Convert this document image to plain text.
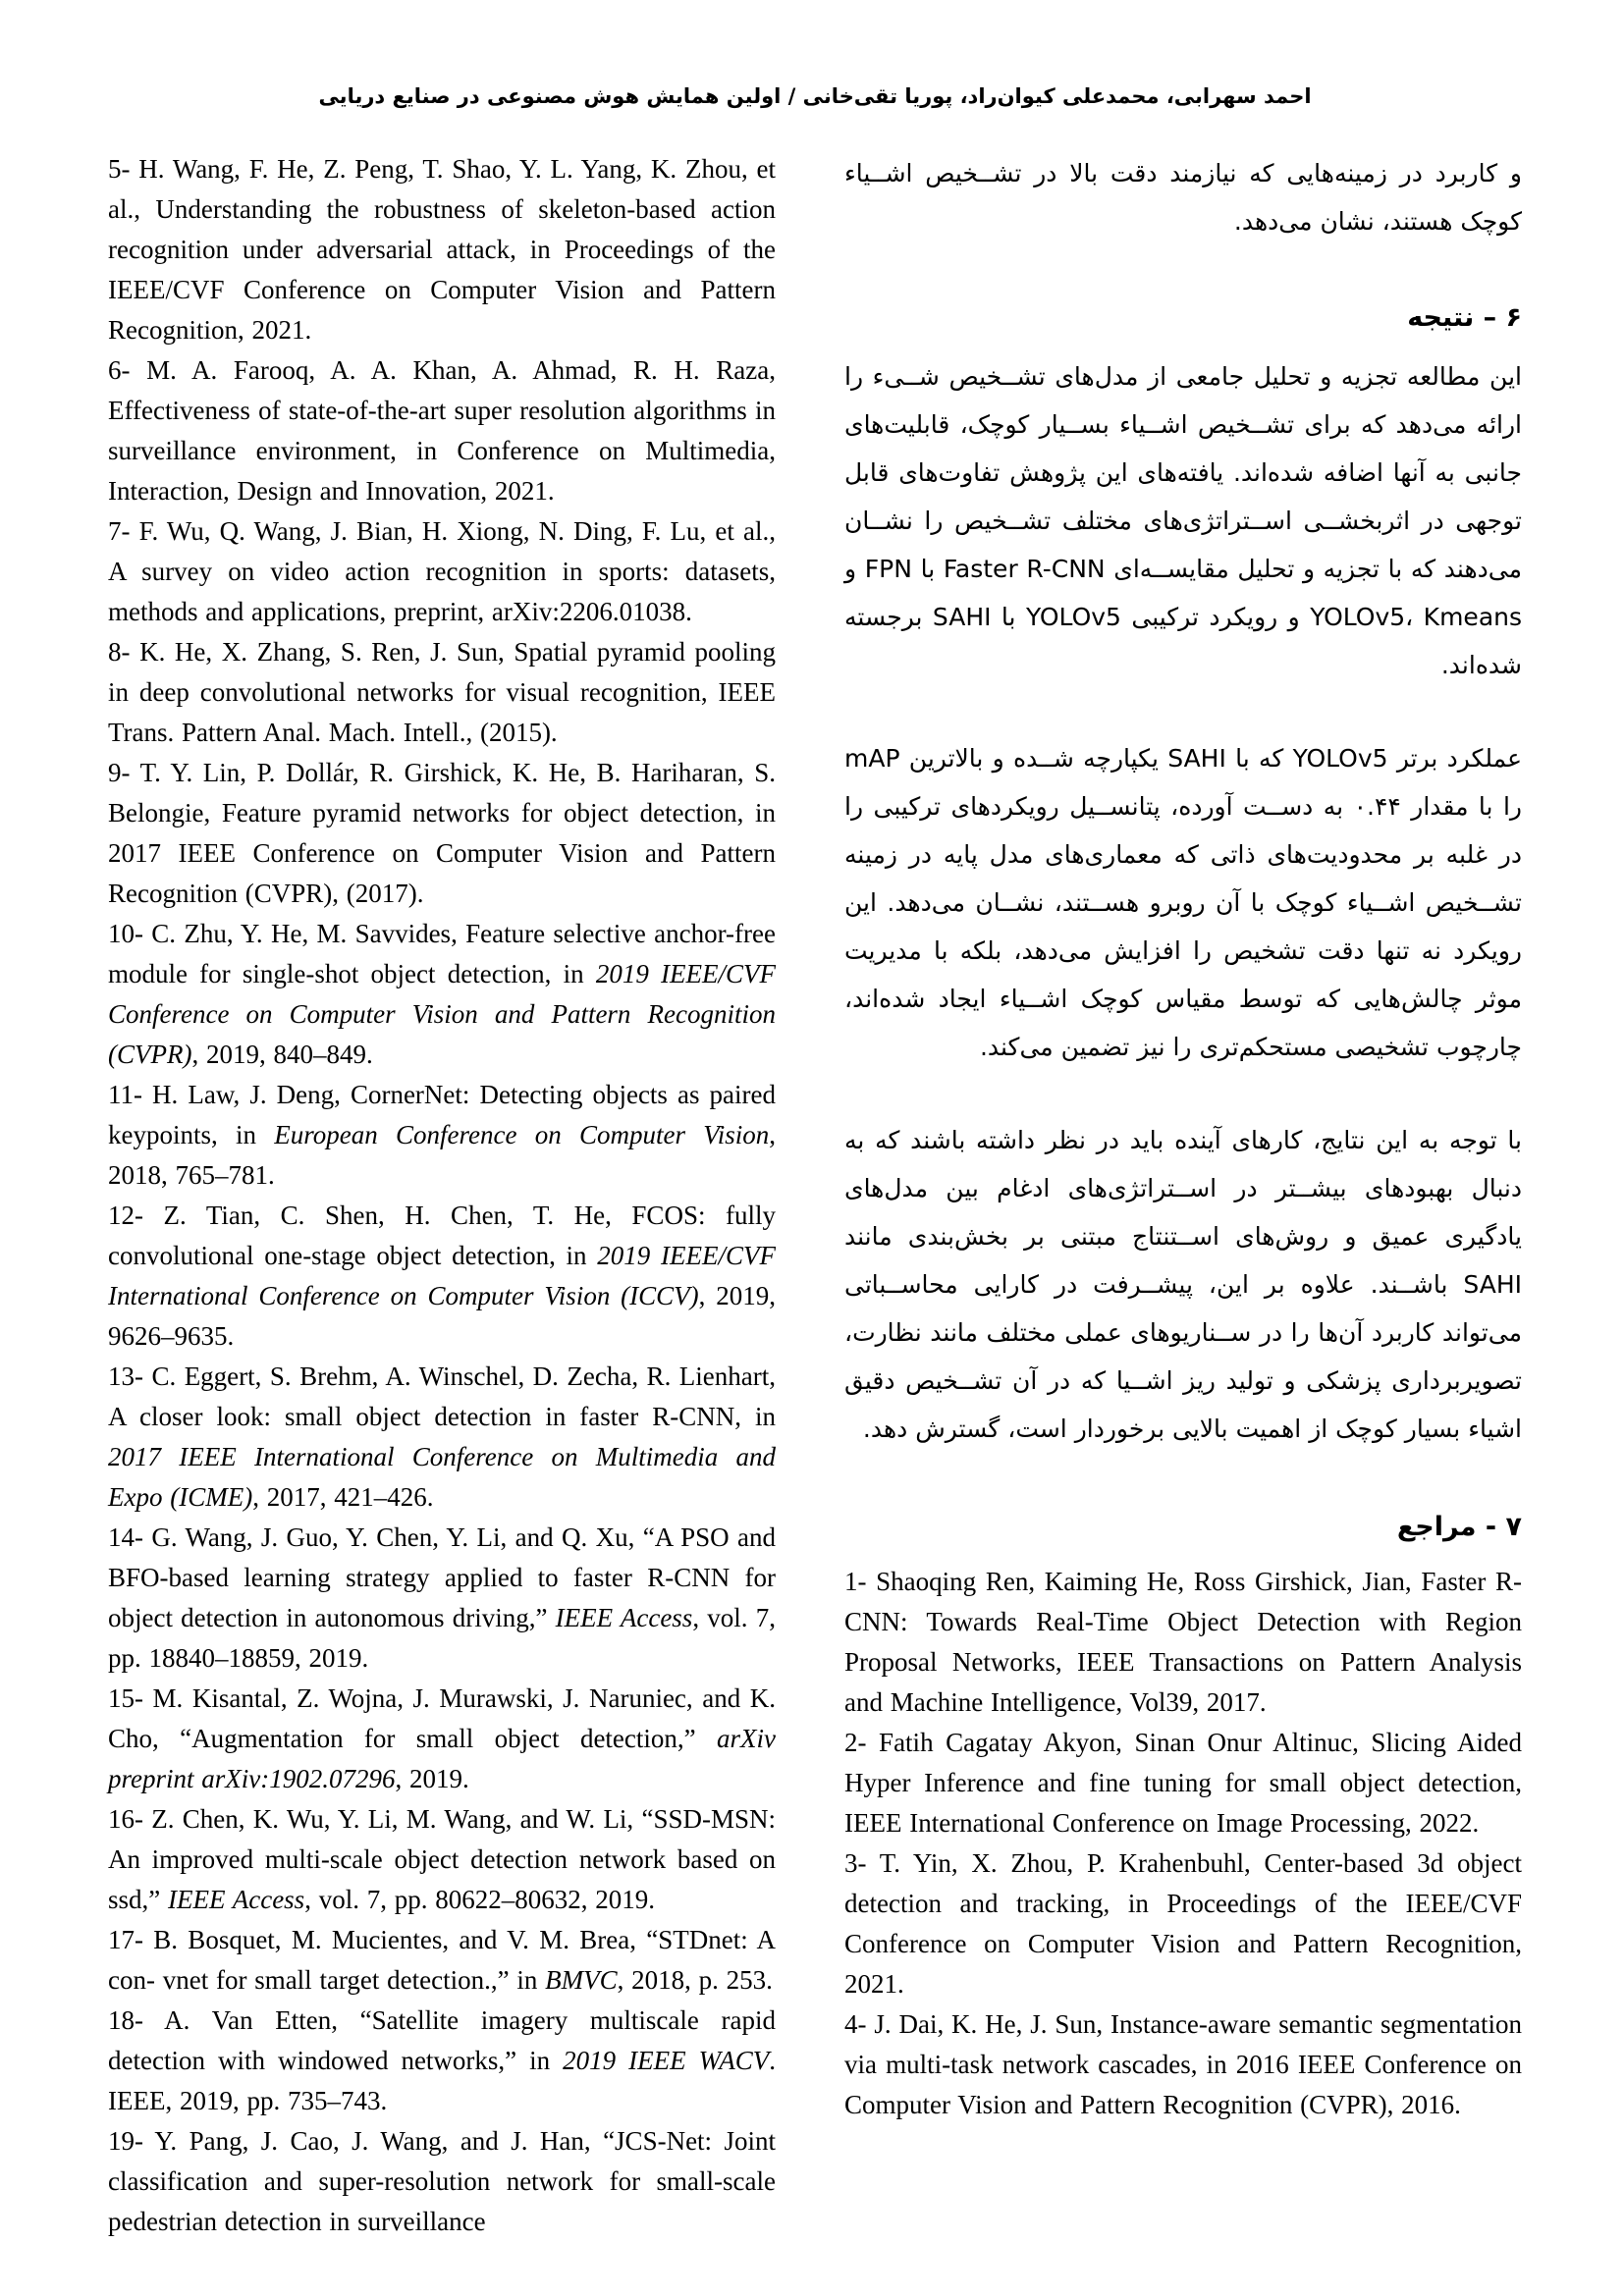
احمد سهرابی، محمدعلی کیوان‌راد، پوریا تقی‌خانی / اولین همایش هوش مصنوعی در صنایع دریایی

5- H. Wang, F. He, Z. Peng, T. Shao, Y. L. Yang, K. Zhou, et al., Understanding the robustness of skeleton-based action recognition under adversarial attack, in Proceedings of the IEEE/CVF Conference on Computer Vision and Pattern Recognition, 2021.

6- M. A. Farooq, A. A. Khan, A. Ahmad, R. H. Raza, Effectiveness of state-of-the-art super resolution algorithms in surveillance environment, in Conference on Multimedia, Interaction, Design and Innovation, 2021.

7- F. Wu, Q. Wang, J. Bian, H. Xiong, N. Ding, F. Lu, et al., A survey on video action recognition in sports: datasets, methods and applications, preprint, arXiv:2206.01038.

8- K. He, X. Zhang, S. Ren, J. Sun, Spatial pyramid pooling in deep convolutional networks for visual recognition, IEEE Trans. Pattern Anal. Mach. Intell., (2015).

9- T. Y. Lin, P. Dollár, R. Girshick, K. He, B. Hariharan, S. Belongie, Feature pyramid networks for object detection, in 2017 IEEE Conference on Computer Vision and Pattern Recognition (CVPR), (2017).

10- C. Zhu, Y. He, M. Savvides, Feature selective anchor-free module for single-shot object detection, in 2019 IEEE/CVF Conference on Computer Vision and Pattern Recognition (CVPR), 2019, 840–849.

11- H. Law, J. Deng, CornerNet: Detecting objects as paired keypoints, in European Conference on Computer Vision, 2018, 765–781.

12- Z. Tian, C. Shen, H. Chen, T. He, FCOS: fully convolutional one-stage object detection, in 2019 IEEE/CVF International Conference on Computer Vision (ICCV), 2019, 9626–9635.

13- C. Eggert, S. Brehm, A. Winschel, D. Zecha, R. Lienhart, A closer look: small object detection in faster R-CNN, in 2017 IEEE International Conference on Multimedia and Expo (ICME), 2017, 421–426.

14- G. Wang, J. Guo, Y. Chen, Y. Li, and Q. Xu, “A PSO and BFO-based learning strategy applied to faster R-CNN for object detection in autonomous driving,” IEEE Access, vol. 7, pp. 18840–18859, 2019.

15- M. Kisantal, Z. Wojna, J. Murawski, J. Naruniec, and K. Cho, “Augmentation for small object detection,” arXiv preprint arXiv:1902.07296, 2019.

16- Z. Chen, K. Wu, Y. Li, M. Wang, and W. Li, “SSD-MSN: An improved multi-scale object detection network based on ssd,” IEEE Access, vol. 7, pp. 80622–80632, 2019.

17- B. Bosquet, M. Mucientes, and V. M. Brea, “STDnet: A con- vnet for small target detection.,” in BMVC, 2018, p. 253.

18- A. Van Etten, “Satellite imagery multiscale rapid detection with windowed networks,” in 2019 IEEE WACV. IEEE, 2019, pp. 735–743.

19- Y. Pang, J. Cao, J. Wang, and J. Han, “JCS-Net: Joint classification and super-resolution network for small-scale pedestrian detection in surveillance

و کاربرد در زمینه‌هایی که نیازمند دقت بالا در تشــخیص اشــیاء کوچک هستند، نشان می‌دهد.

۶ – نتیجه

این مطالعه تجزیه و تحلیل جامعی از مدل‌های تشــخیص شــیء را ارائه می‌دهد که برای تشــخیص اشــیاء بســیار کوچک، قابلیت‌های جانبی به آنها اضافه شده‌اند. یافته‌های این پژوهش تفاوت‌های قابل توجهی در اثربخشــی اســتراتژی‌های مختلف تشــخیص را نشــان می‌دهند که با تجزیه و تحلیل مقایســه‌ای Faster R-CNN با FPN و YOLOv5، Kmeans و رویکرد ترکیبی YOLOv5 با SAHI برجسته شده‌اند.

عملکرد برتر YOLOv5 که با SAHI یکپارچه شــده و بالاترین mAP را با مقدار ۰.۴۴ به دســت آورده، پتانســیل رویکردهای ترکیبی را در غلبه بر محدودیت‌های ذاتی که معماری‌های مدل پایه در زمینه تشــخیص اشــیاء کوچک با آن روبرو هســتند، نشــان می‌دهد. این رویکرد نه تنها دقت تشخیص را افزایش می‌دهد، بلکه با مدیریت موثر چالش‌هایی که توسط مقیاس کوچک اشــیاء ایجاد شده‌اند، چارچوب تشخیصی مستحکم‌تری را نیز تضمین می‌کند.

با توجه به این نتایج، کارهای آینده باید در نظر داشته باشند که به دنبال بهبودهای بیشــتر در اســتراتژی‌های ادغام بین مدل‌های یادگیری عمیق و روش‌های اســتنتاج مبتنی بر بخش‌بندی مانند SAHI باشــند. علاوه بر این، پیشــرفت در کارایی محاســباتی می‌تواند کاربرد آن‌ها را در ســناریوهای عملی مختلف مانند نظارت، تصویربرداری پزشکی و تولید ریز اشــیا که در آن تشــخیص دقیق اشیاء بسیار کوچک از اهمیت بالایی برخوردار است، گسترش دهد.

۷ - مراجع

1- Shaoqing Ren, Kaiming He, Ross Girshick, Jian, Faster R-CNN: Towards Real-Time Object Detection with Region Proposal Networks, IEEE Transactions on Pattern Analysis and Machine Intelligence, Vol39, 2017.

2- Fatih Cagatay Akyon, Sinan Onur Altinuc, Slicing Aided Hyper Inference and fine tuning for small object detection, IEEE International Conference on Image Processing, 2022.

3- T. Yin, X. Zhou, P. Krahenbuhl, Center-based 3d object detection and tracking, in Proceedings of the IEEE/CVF Conference on Computer Vision and Pattern Recognition, 2021.

4- J. Dai, K. He, J. Sun, Instance-aware semantic segmentation via multi-task network cascades, in 2016 IEEE Conference on Computer Vision and Pattern Recognition (CVPR), 2016.
